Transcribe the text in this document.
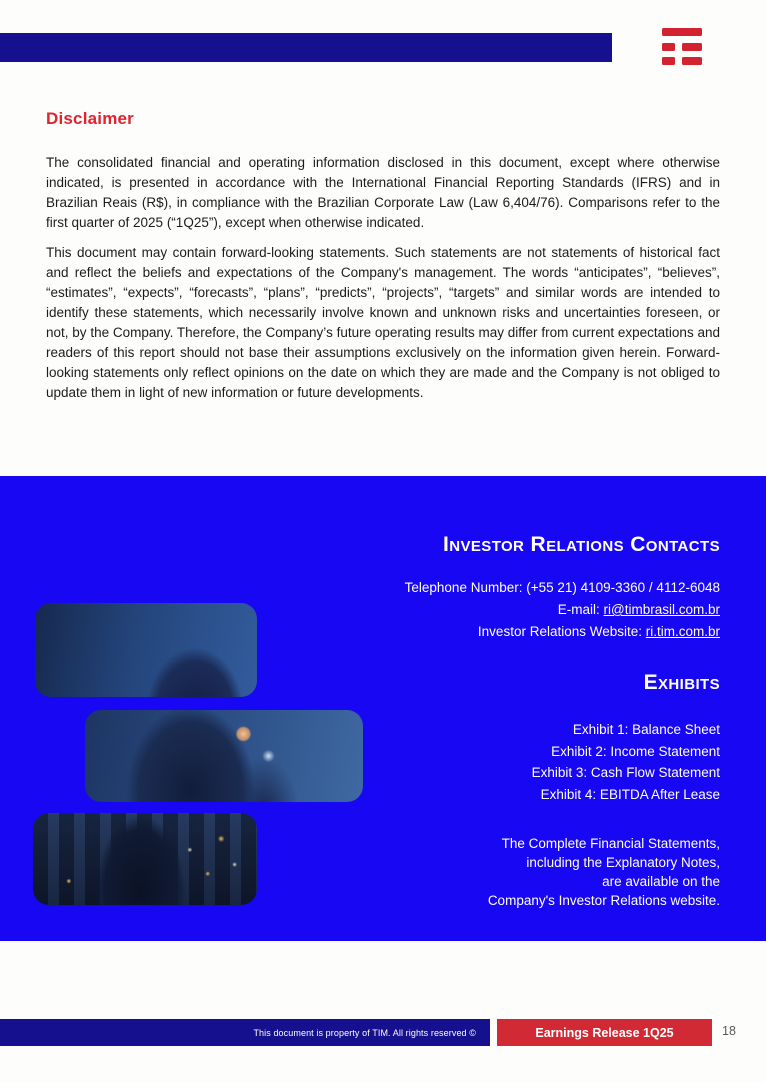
Disclaimer

The consolidated financial and operating information disclosed in this document, except where otherwise indicated, is presented in accordance with the International Financial Reporting Standards (IFRS) and in Brazilian Reais (R$), in compliance with the Brazilian Corporate Law (Law 6,404/76). Comparisons refer to the first quarter of 2025 (“1Q25”), except when otherwise indicated.

This document may contain forward-looking statements. Such statements are not statements of historical fact and reflect the beliefs and expectations of the Company's management. The words “anticipates”, “believes”, “estimates”, “expects”, “forecasts”, “plans”, “predicts”, “projects”, “targets” and similar words are intended to identify these statements, which necessarily involve known and unknown risks and uncertainties foreseen, or not, by the Company. Therefore, the Company’s future operating results may differ from current expectations and readers of this report should not base their assumptions exclusively on the information given herein. Forward-looking statements only reflect opinions on the date on which they are made and the Company is not obliged to update them in light of new information or future developments.

Investor Relations Contacts
Telephone Number: (+55 21) 4109-3360 / 4112-6048
E-mail: ri@timbrasil.com.br
Investor Relations Website: ri.tim.com.br
Exhibits
Exhibit 1: Balance Sheet
Exhibit 2: Income Statement
Exhibit 3: Cash Flow Statement
Exhibit 4: EBITDA After Lease
The Complete Financial Statements,
including the Explanatory Notes,
are available on the
Company's Investor Relations website.
This document is property of TIM. All rights reserved ©	Earnings Release 1Q25	18
